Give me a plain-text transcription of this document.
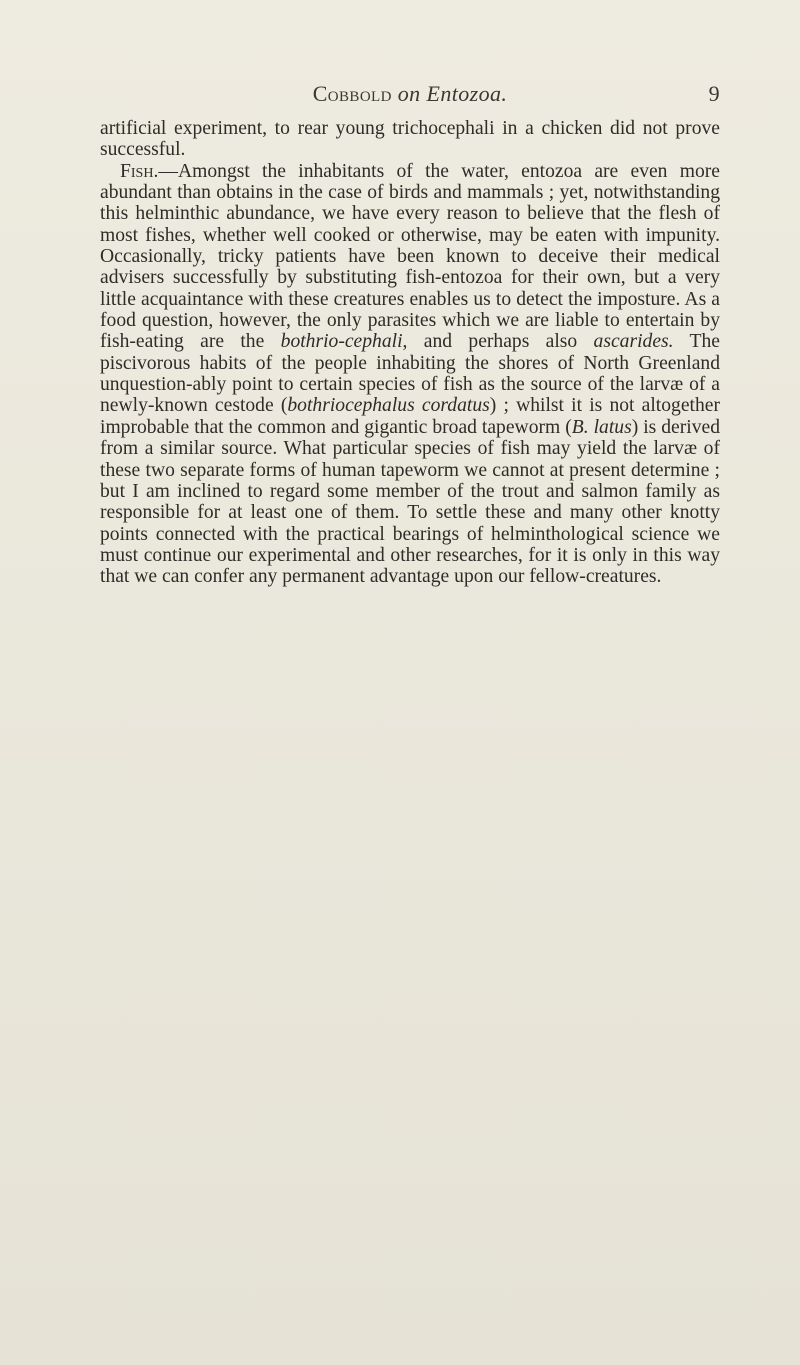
Cobbold on Entozoa.	9

artificial experiment, to rear young trichocephali in a chicken did not prove successful.

Fish.—Amongst the inhabitants of the water, entozoa are even more abundant than obtains in the case of birds and mammals ; yet, notwithstanding this helminthic abundance, we have every reason to believe that the flesh of most fishes, whether well cooked or otherwise, may be eaten with impunity. Occasionally, tricky patients have been known to deceive their medical advisers successfully by substituting fish-entozoa for their own, but a very little acquaintance with these creatures enables us to detect the imposture. As a food question, however, the only parasites which we are liable to entertain by fish-eating are the bothrio-cephali, and perhaps also ascarides. The piscivorous habits of the people inhabiting the shores of North Greenland unquestion-ably point to certain species of fish as the source of the larvæ of a newly-known cestode (bothriocephalus cordatus) ; whilst it is not altogether improbable that the common and gigantic broad tapeworm (B. latus) is derived from a similar source. What particular species of fish may yield the larvæ of these two separate forms of human tapeworm we cannot at present determine ; but I am inclined to regard some member of the trout and salmon family as responsible for at least one of them. To settle these and many other knotty points connected with the practical bearings of helminthological science we must continue our experimental and other researches, for it is only in this way that we can confer any permanent advantage upon our fellow-creatures.
